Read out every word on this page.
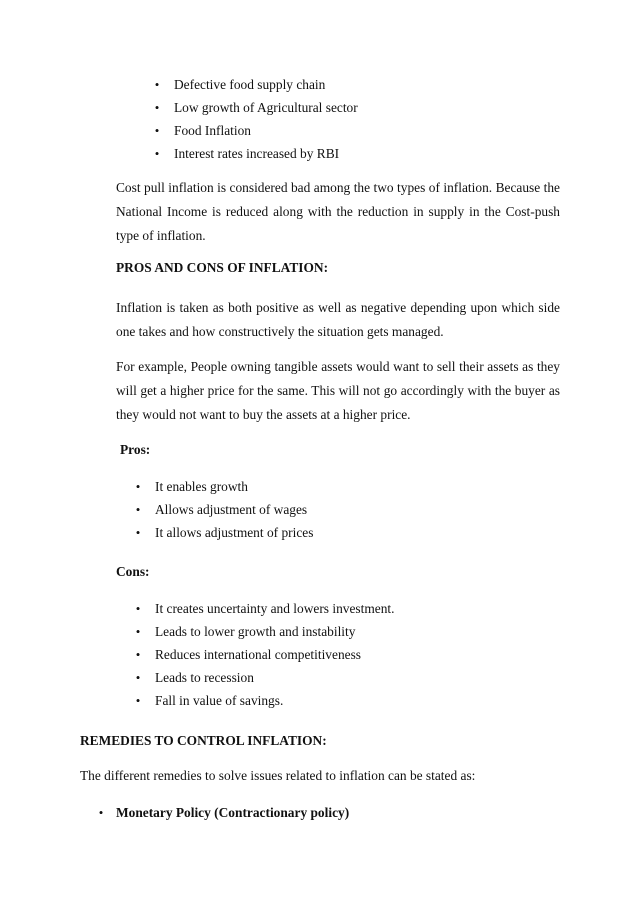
• Defective food supply chain
• Low growth of Agricultural sector
• Food Inflation
• Interest rates increased by RBI

Cost pull inflation is considered bad among the two types of inflation. Because the National Income is reduced along with the reduction in supply in the Cost-push type of inflation.

PROS AND CONS OF INFLATION:

Inflation is taken as both positive as well as negative depending upon which side one takes and how constructively the situation gets managed.

For example, People owning tangible assets would want to sell their assets as they will get a higher price for the same. This will not go accordingly with the buyer as they would not want to buy the assets at a higher price.

Pros:
• It enables growth
• Allows adjustment of wages
• It allows adjustment of prices
Cons:
• It creates uncertainty and lowers investment.
• Leads to lower growth and instability
• Reduces international competitiveness
• Leads to recession
• Fall in value of savings.
REMEDIES TO CONTROL INFLATION:

The different remedies to solve issues related to inflation can be stated as:

• Monetary Policy (Contractionary policy)
